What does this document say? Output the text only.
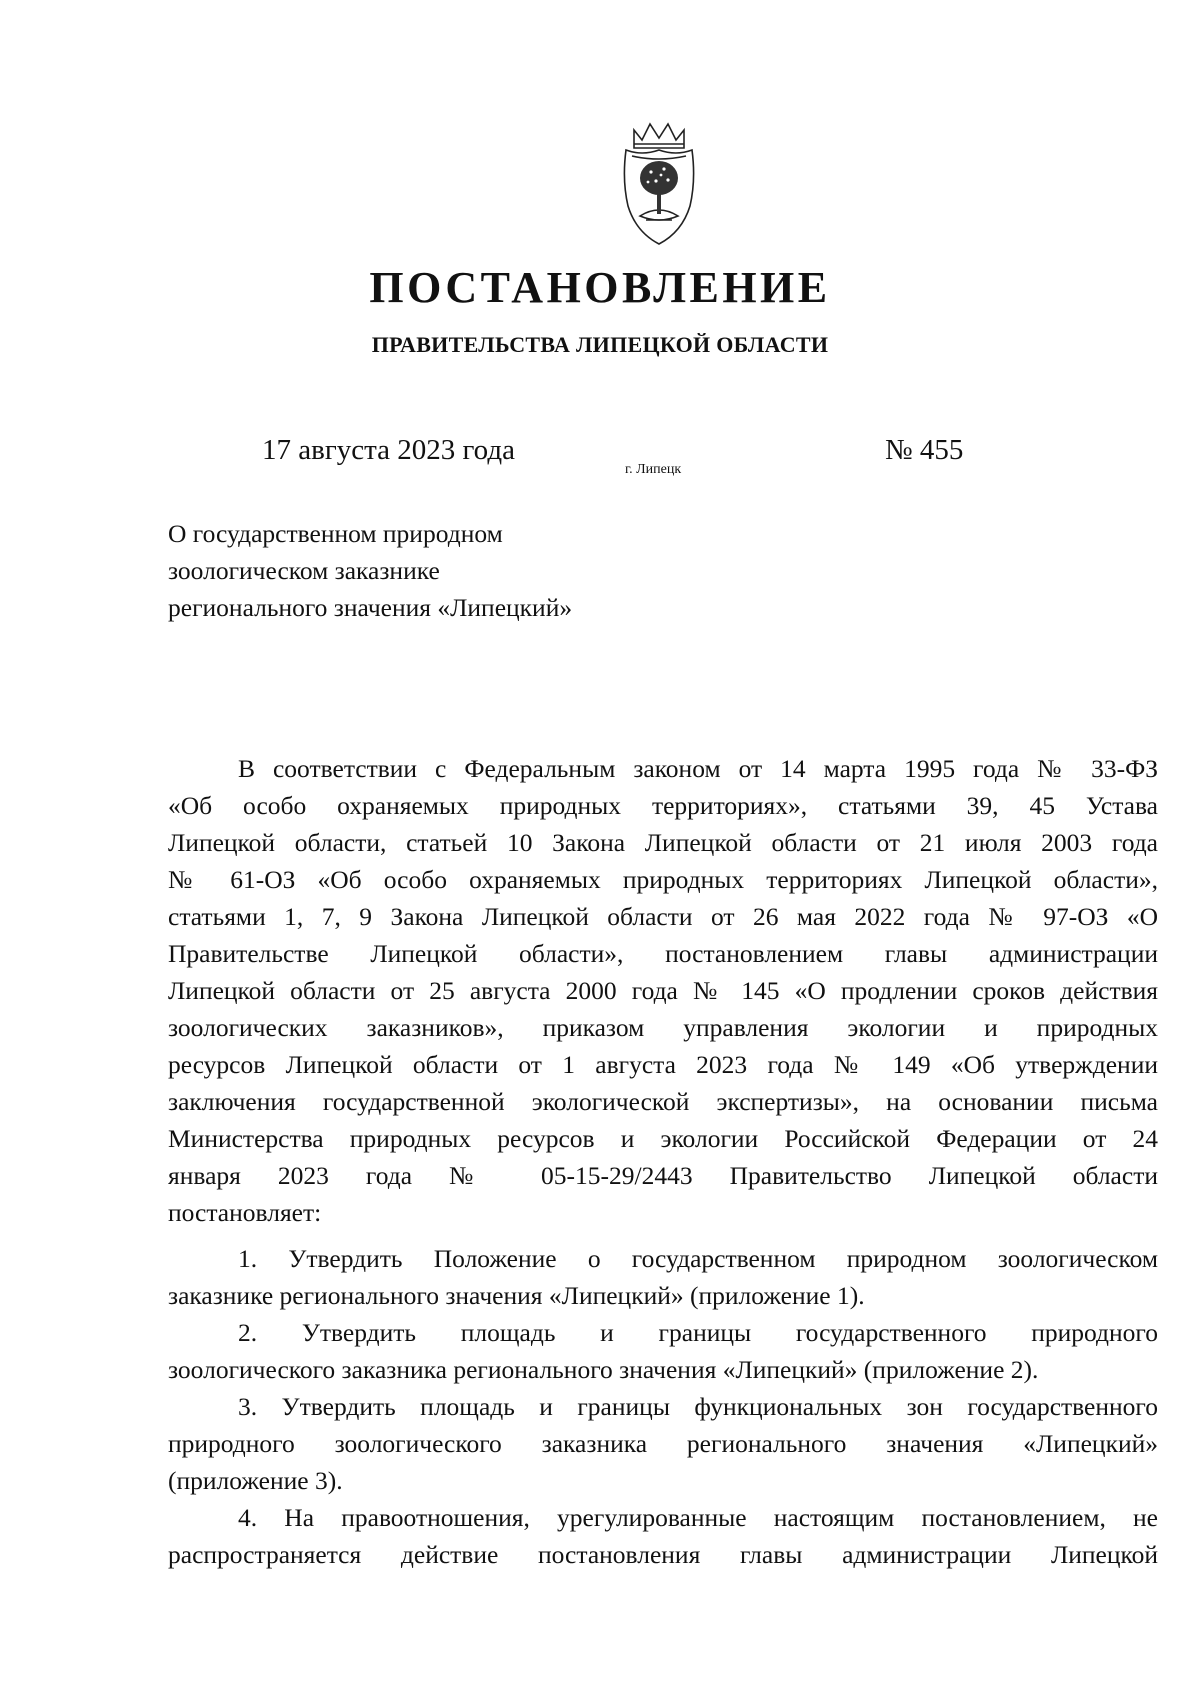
ПОСТАНОВЛЕНИЕ
ПРАВИТЕЛЬСТВА ЛИПЕЦКОЙ ОБЛАСТИ
17 августа 2023 года
г. Липецк
№ 455
О государственном природном
зоологическом заказнике
регионального значения «Липецкий»
В соответствии с Федеральным законом от 14 марта 1995 года № 33-ФЗ
«Об особо охраняемых природных территориях», статьями 39, 45 Устава
Липецкой области, статьей 10 Закона Липецкой области от 21 июля 2003 года
№ 61-ОЗ «Об особо охраняемых природных территориях Липецкой области»,
статьями 1, 7, 9 Закона Липецкой области от 26 мая 2022 года № 97-ОЗ «О
Правительстве Липецкой области», постановлением главы администрации
Липецкой области от 25 августа 2000 года № 145 «О продлении сроков действия
зоологических заказников», приказом управления экологии и природных
ресурсов Липецкой области от 1 августа 2023 года № 149 «Об утверждении
заключения государственной экологической экспертизы», на основании письма
Министерства природных ресурсов и экологии Российской Федерации от 24
января 2023 года № 05-15-29/2443 Правительство Липецкой области
постановляет:
1. Утвердить Положение о государственном природном зоологическом
заказнике регионального значения «Липецкий» (приложение 1).
2. Утвердить площадь и границы государственного природного
зоологического заказника регионального значения «Липецкий» (приложение 2).
3. Утвердить площадь и границы функциональных зон государственного
природного зоологического заказника регионального значения «Липецкий»
(приложение 3).
4. На правоотношения, урегулированные настоящим постановлением, не
распространяется действие постановления главы администрации Липецкой
